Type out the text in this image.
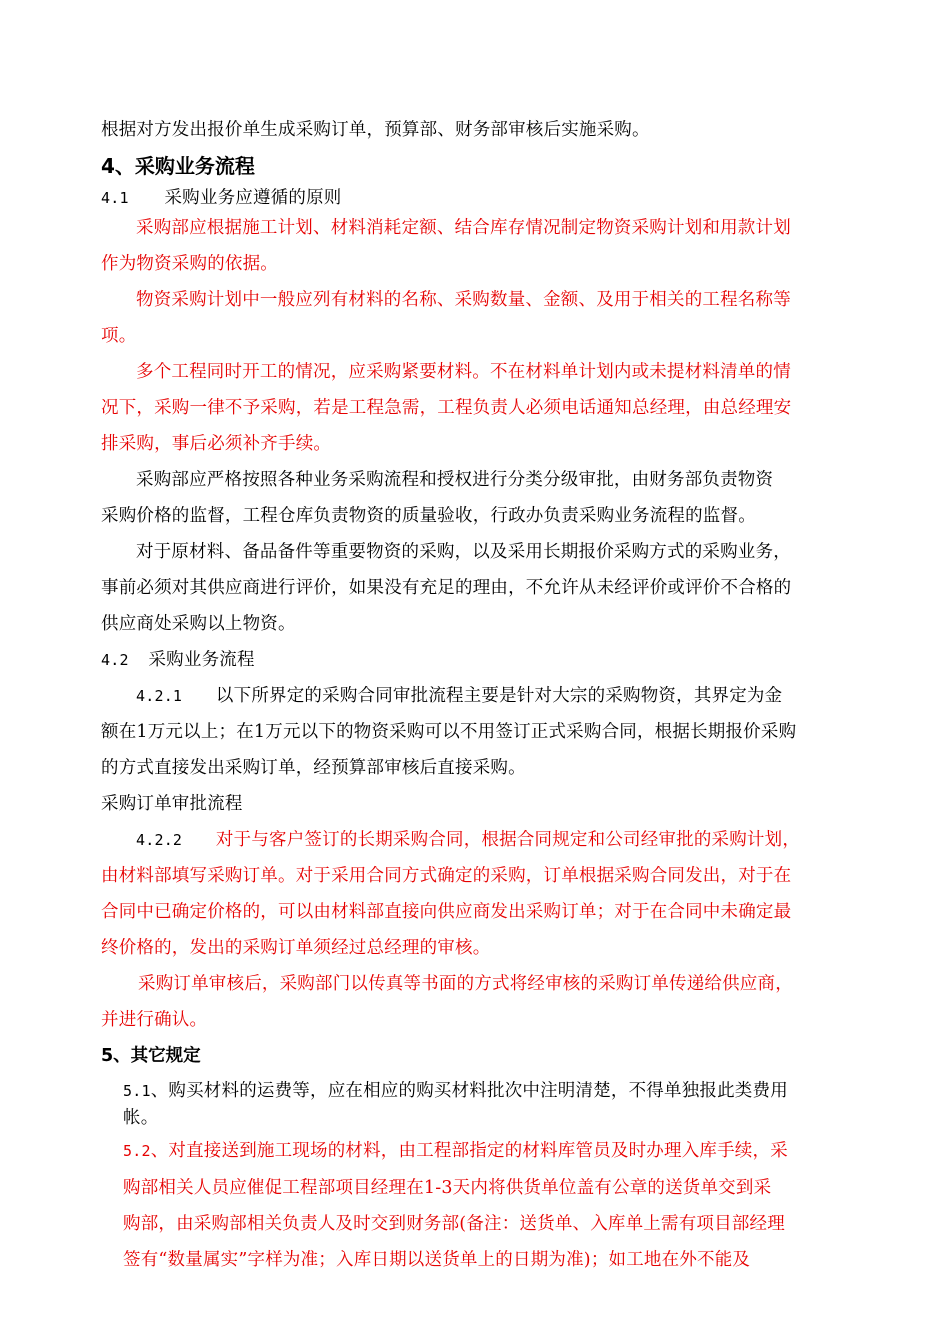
根据对方发出报价单生成采购订单，预算部、财务部审核后实施采购。
4、采购业务流程
4.1 采购业务应遵循的原则
采购部应根据施工计划、材料消耗定额、结合库存情况制定物资采购计划和用款计划
作为物资采购的依据。
物资采购计划中一般应列有材料的名称、采购数量、金额、及用于相关的工程名称等
项。
多个工程同时开工的情况，应采购紧要材料。不在材料单计划内或未提材料清单的情
况下，采购一律不予采购，若是工程急需，工程负责人必须电话通知总经理，由总经理安
排采购，事后必须补齐手续。
采购部应严格按照各种业务采购流程和授权进行分类分级审批，由财务部负责物资
采购价格的监督，工程仓库负责物资的质量验收，行政办负责采购业务流程的监督。
对于原材料、备品备件等重要物资的采购，以及采用长期报价采购方式的采购业务，
事前必须对其供应商进行评价，如果没有充足的理由，不允许从未经评价或评价不合格的
供应商处采购以上物资。
4.2 采购业务流程
4.2.1 以下所界定的采购合同审批流程主要是针对大宗的采购物资，其界定为金
额在1万元以上；在1万元以下的物资采购可以不用签订正式采购合同，根据长期报价采购
的方式直接发出采购订单，经预算部审核后直接采购。
采购订单审批流程
4.2.2 对于与客户签订的长期采购合同，根据合同规定和公司经审批的采购计划，
由材料部填写采购订单。对于采用合同方式确定的采购，订单根据采购合同发出，对于在
合同中已确定价格的，可以由材料部直接向供应商发出采购订单；对于在合同中未确定最
终价格的，发出的采购订单须经过总经理的审核。
采购订单审核后，采购部门以传真等书面的方式将经审核的采购订单传递给供应商，
并进行确认。
5、其它规定
5.1、购买材料的运费等，应在相应的购买材料批次中注明清楚，不得单独报此类费用
帐。
5.2、对直接送到施工现场的材料，由工程部指定的材料库管员及时办理入库手续，采
购部相关人员应催促工程部项目经理在1-3天内将供货单位盖有公章的送货单交到采
购部，由采购部相关负责人及时交到财务部(备注：送货单、入库单上需有项目部经理
签有“数量属实”字样为准；入库日期以送货单上的日期为准)；如工地在外不能及
